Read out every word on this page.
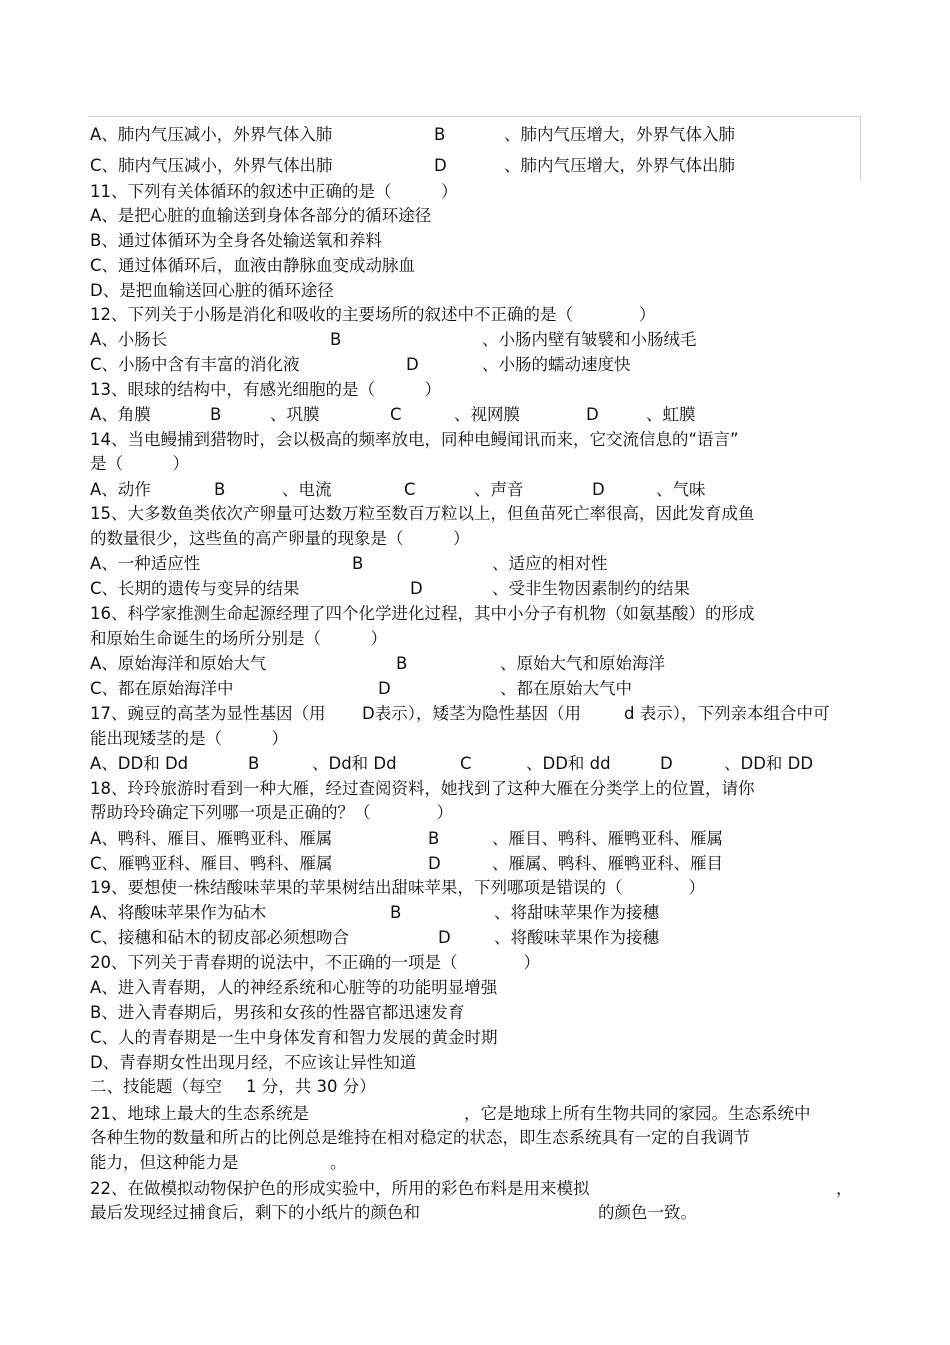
A、肺内气压减小，外界气体入肺	B	、肺内气压增大，外界气体入肺
C、肺内气压减小，外界气体出肺	D	、肺内气压增大，外界气体出肺
11、下列有关体循环的叙述中正确的是（　　　）
A、是把心脏的血输送到身体各部分的循环途径
B、通过体循环为全身各处输送氧和养料
C、通过体循环后，血液由静脉血变成动脉血
D、是把血输送回心脏的循环途径
12、下列关于小肠是消化和吸收的主要场所的叙述中不正确的是（　　　　）
A、小肠长	B	、小肠内壁有皱襞和小肠绒毛
C、小肠中含有丰富的消化液	D	、小肠的蠕动速度快
13、眼球的结构中，有感光细胞的是（　　　）
A、角膜	B	、巩膜	C	、视网膜	D	、虹膜
14、当电鳗捕到猎物时，会以极高的频率放电，同种电鳗闻讯而来，它交流信息的“语言”
是（　　　）
A、动作	B	、电流	C	、声音	D	、气味
15、大多数鱼类依次产卵量可达数万粒至数百万粒以上，但鱼苗死亡率很高，因此发育成鱼
的数量很少，这些鱼的高产卵量的现象是（　　　）
A、一种适应性	B	、适应的相对性
C、长期的遗传与变异的结果	D	、受非生物因素制约的结果
16、科学家推测生命起源经理了四个化学进化过程，其中小分子有机物（如氨基酸）的形成
和原始生命诞生的场所分别是（　　　）
A、原始海洋和原始大气	B	、原始大气和原始海洋
C、都在原始海洋中	D	、都在原始大气中
17、豌豆的高茎为显性基因（用 D表示），矮茎为隐性基因（用	d 表示），下列亲本组合中可
能出现矮茎的是（　　　）
A、DD和 Dd	B	、Dd和 Dd	C	、DD和 dd	D	、DD和 DD
18、玲玲旅游时看到一种大雁，经过查阅资料，她找到了这种大雁在分类学上的位置，请你
帮助玲玲确定下列哪一项是正确的？（　　　　）
A、鸭科、雁目、雁鸭亚科、雁属	B	、雁目、鸭科、雁鸭亚科、雁属
C、雁鸭亚科、雁目、鸭科、雁属	D	、雁属、鸭科、雁鸭亚科、雁目
19、要想使一株结酸味苹果的苹果树结出甜味苹果，下列哪项是错误的（　　　　）
A、将酸味苹果作为砧木	B	、将甜味苹果作为接穗
C、接穗和砧木的韧皮部必须想吻合	D	、将酸味苹果作为接穗
20、下列关于青春期的说法中，不正确的一项是（　　　　）
A、进入青春期，人的神经系统和心脏等的功能明显增强
B、进入青春期后，男孩和女孩的性器官都迅速发育
C、人的青春期是一生中身体发育和智力发展的黄金时期
D、青春期女性出现月经，不应该让异性知道
二、技能题（每空 1 分，共 30 分）
21、地球上最大的生态系统是	，它是地球上所有生物共同的家园。生态系统中
各种生物的数量和所占的比例总是维持在相对稳定的状态，即生态系统具有一定的自我调节
能力，但这种能力是	。
22、在做模拟动物保护色的形成实验中，所用的彩色布料是用来模拟	，
最后发现经过捕食后，剩下的小纸片的颜色和	的颜色一致。
